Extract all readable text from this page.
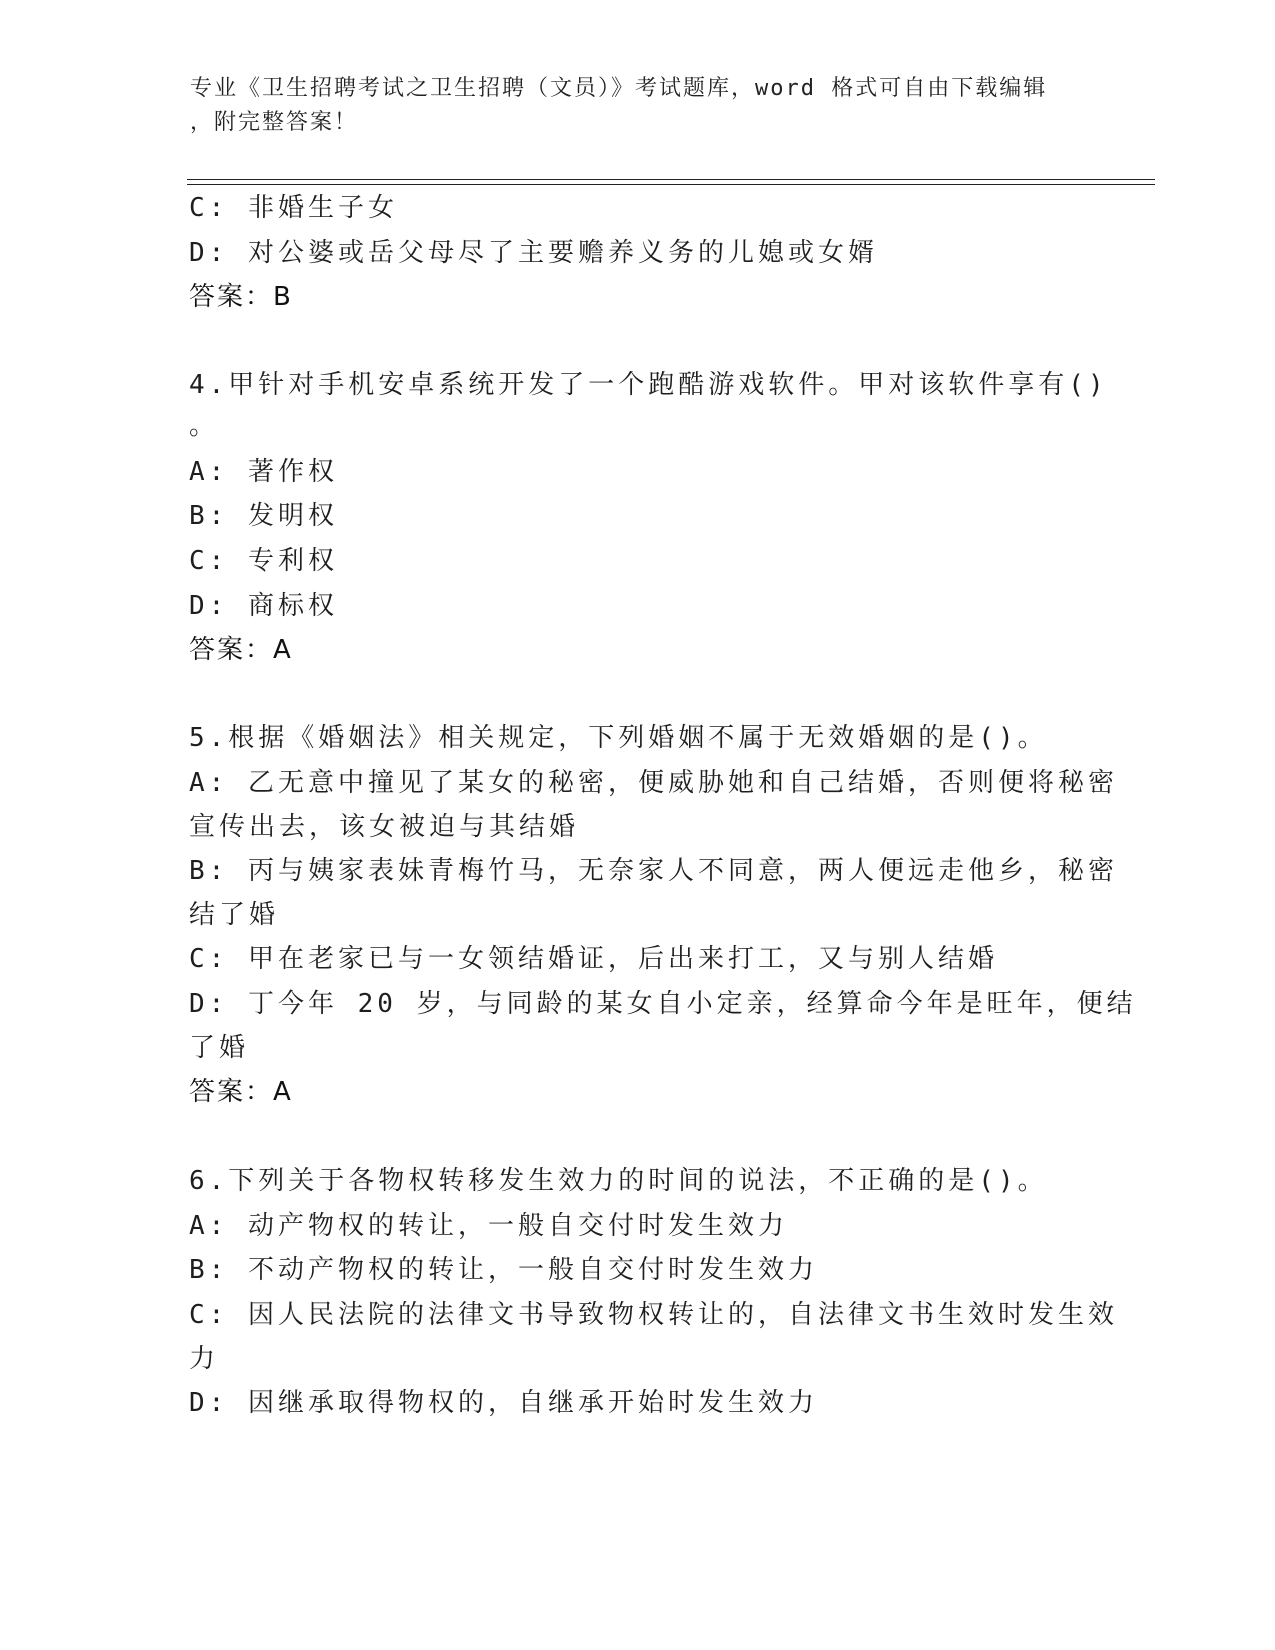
专业《卫生招聘考试之卫生招聘（文员）》考试题库，word 格式可自由下载编辑
，附完整答案！
C: 非婚生子女
D: 对公婆或岳父母尽了主要赡养义务的儿媳或女婿
答案：B
4.甲针对手机安卓系统开发了一个跑酷游戏软件。甲对该软件享有()
。
A: 著作权
B: 发明权
C: 专利权
D: 商标权
答案：A
5.根据《婚姻法》相关规定，下列婚姻不属于无效婚姻的是()。
A: 乙无意中撞见了某女的秘密，便威胁她和自己结婚，否则便将秘密
宣传出去，该女被迫与其结婚
B: 丙与姨家表妹青梅竹马，无奈家人不同意，两人便远走他乡，秘密
结了婚
C: 甲在老家已与一女领结婚证，后出来打工，又与别人结婚
D: 丁今年 20 岁，与同龄的某女自小定亲，经算命今年是旺年，便结
了婚
答案：A
6.下列关于各物权转移发生效力的时间的说法，不正确的是()。
A: 动产物权的转让，一般自交付时发生效力
B: 不动产物权的转让，一般自交付时发生效力
C: 因人民法院的法律文书导致物权转让的，自法律文书生效时发生效
力
D: 因继承取得物权的，自继承开始时发生效力
